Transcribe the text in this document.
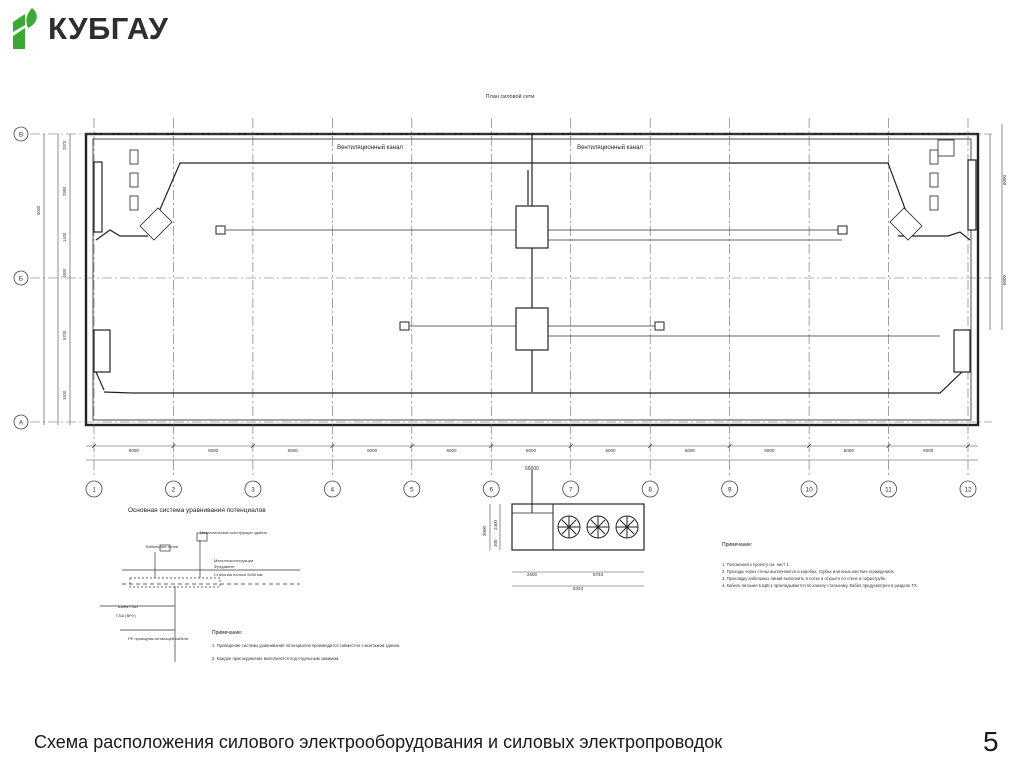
КУБГАУ
План силовой сети
Вентиляционный канал	Вентиляционный канал
В
Б
А
1	2	3	4	5	6	7	8	9	10	11	12
6000	6000	6000	6000	6000	6000	6000	6000	6000	6000	6000
66000
2370
2950
1400
4000
5700
1400
6000
6000
6000
2600	5743
8343
3000
2400
200
Основная система уравнивания потенциалов
Кабельные лотки
Металлические конструкции здания
Металлоконструкции
Фундамент
Стальная полоса 5х50 мм
Шина ГЗШ
ГЗШ (ВРУ)
РЕ проводник питающей кабели
Примечание:
1. Проведение системы уравнивания потенциалов производится совместно с монтажом здания.
2. Каждое присоединение выполняется под отдельным зажимом.
Примечание:
1. Положения к проекту см. лист 1.
2. Проходы через стены выполняются в коробах, трубах или иных жестких ограждениях.
3. Прокладку кабельных линий выполнить в лотке и открыто по стене и гофротрубе.
4. Кабель питания в ЩВ-1 прокладывается по каналу стальному. Кабел предусмотрен в разделе ТХ.
Схема расположения силового электрооборудования и силовых электропроводок	5
